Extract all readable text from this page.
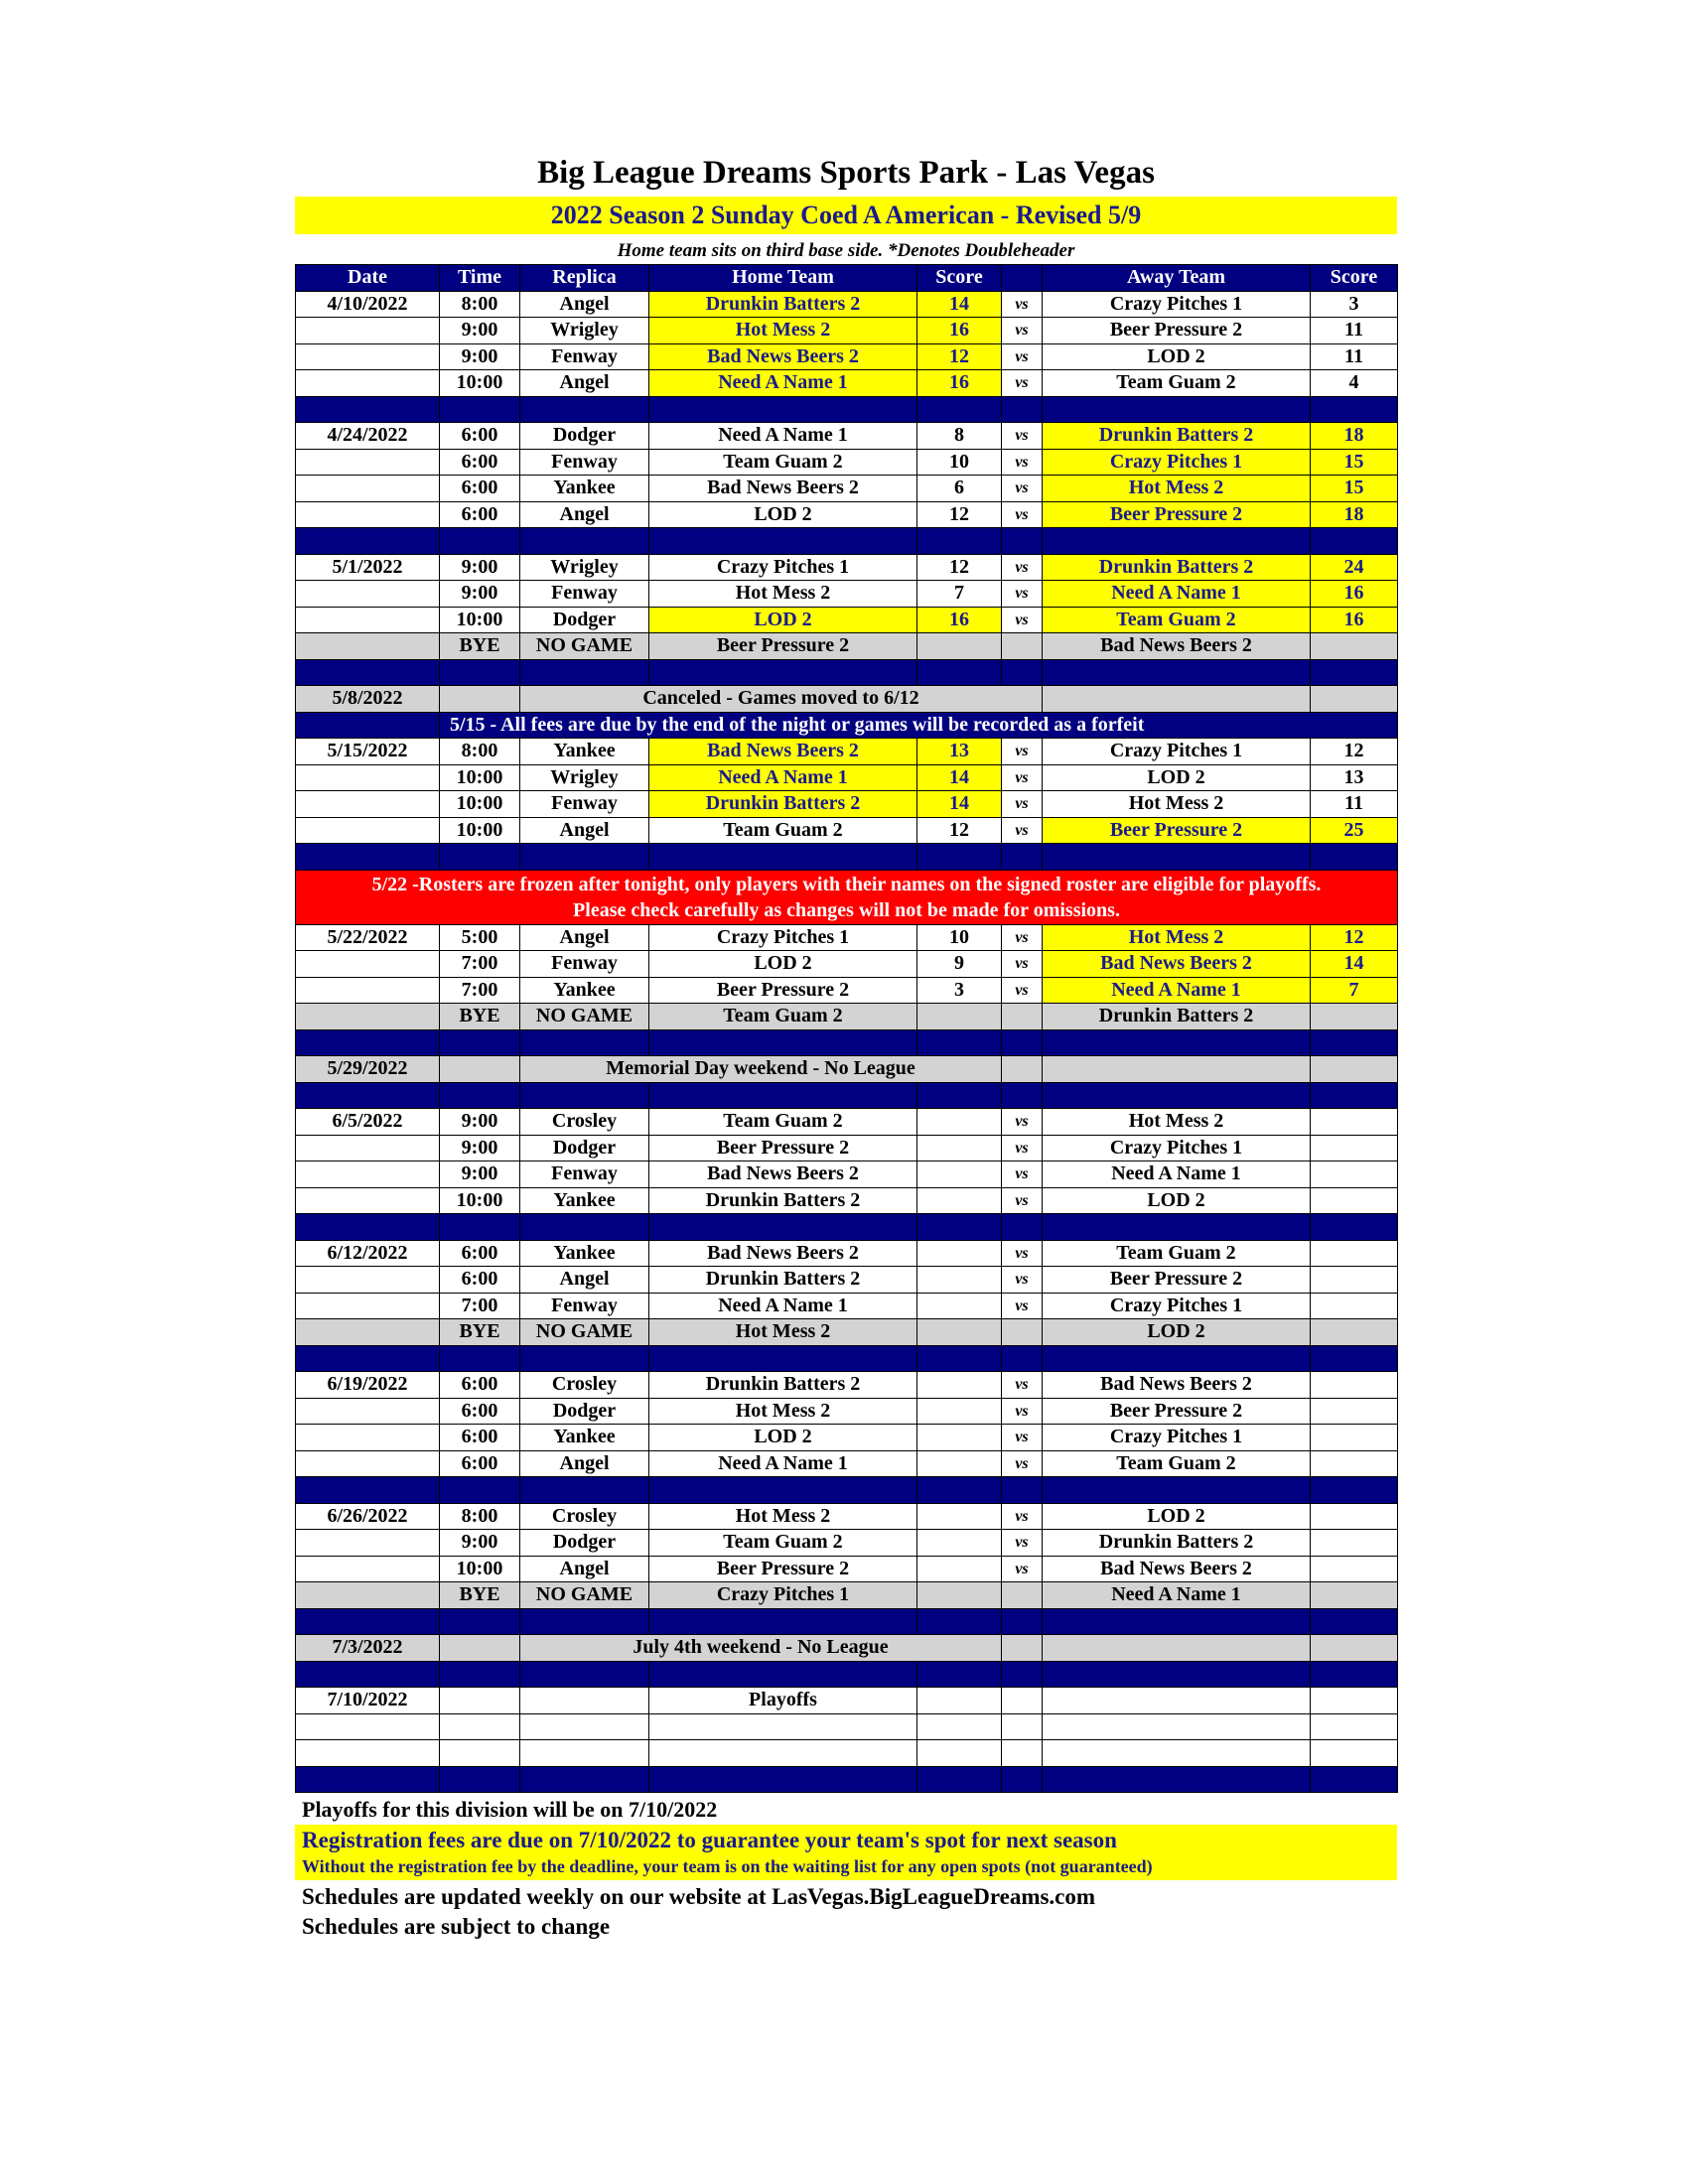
Big League Dreams Sports Park - Las Vegas
2022 Season 2 Sunday Coed A American - Revised 5/9
Home team sits on third base side. *Denotes Doubleheader
Date	Time	Replica	Home Team	Score		Away Team	Score	
4/10/2022	8:00	Angel	Drunkin Batters 2	14	vs	Crazy Pitches 1	3	
	9:00	Wrigley	Hot Mess 2	16	vs	Beer Pressure 2	11	
	9:00	Fenway	Bad News Beers 2	12	vs	LOD 2	11	
	10:00	Angel	Need A Name 1	16	vs	Team Guam 2	4	

4/24/2022	6:00	Dodger	Need A Name 1	8	vs	Drunkin Batters 2	18	
	6:00	Fenway	Team Guam 2	10	vs	Crazy Pitches 1	15	
	6:00	Yankee	Bad News Beers 2	6	vs	Hot Mess 2	15	
	6:00	Angel	LOD 2	12	vs	Beer Pressure 2	18	

5/1/2022	9:00	Wrigley	Crazy Pitches 1	12	vs	Drunkin Batters 2	24	
	9:00	Fenway	Hot Mess 2	7	vs	Need A Name 1	16	
	10:00	Dodger	LOD 2	16	vs	Team Guam 2	16	
	BYE	NO GAME	Beer Pressure 2			Bad News Beers 2		

5/8/2022		Canceled - Games moved to 6/12						
	5/15 - All fees are due by the end of the night or games will be recorded as a forfeit							
5/15/2022	8:00	Yankee	Bad News Beers 2	13	vs	Crazy Pitches 1	12	
	10:00	Wrigley	Need A Name 1	14	vs	LOD 2	13	
	10:00	Fenway	Drunkin Batters 2	14	vs	Hot Mess 2	11	
	10:00	Angel	Team Guam 2	12	vs	Beer Pressure 2	25	

5/22 -Rosters are frozen after tonight, only players with their names on the signed roster are eligible for playoffs.
Please check carefully as changes will not be made for omissions.								

5/22/2022	5:00	Angel	Crazy Pitches 1	10	vs	Hot Mess 2	12	
	7:00	Fenway	LOD 2	9	vs	Bad News Beers 2	14	
	7:00	Yankee	Beer Pressure 2	3	vs	Need A Name 1	7	
	BYE	NO GAME	Team Guam 2			Drunkin Batters 2		

5/29/2022		Memorial Day weekend - No League						

6/5/2022	9:00	Crosley	Team Guam 2		vs	Hot Mess 2		
	9:00	Dodger	Beer Pressure 2		vs	Crazy Pitches 1		
	9:00	Fenway	Bad News Beers 2		vs	Need A Name 1		
	10:00	Yankee	Drunkin Batters 2		vs	LOD 2		

6/12/2022	6:00	Yankee	Bad News Beers 2		vs	Team Guam 2		
	6:00	Angel	Drunkin Batters 2		vs	Beer Pressure 2		
	7:00	Fenway	Need A Name 1		vs	Crazy Pitches 1		
	BYE	NO GAME	Hot Mess 2			LOD 2		

6/19/2022	6:00	Crosley	Drunkin Batters 2		vs	Bad News Beers 2		
	6:00	Dodger	Hot Mess 2		vs	Beer Pressure 2		
	6:00	Yankee	LOD 2		vs	Crazy Pitches 1		
	6:00	Angel	Need A Name 1		vs	Team Guam 2		

6/26/2022	8:00	Crosley	Hot Mess 2		vs	LOD 2		
	9:00	Dodger	Team Guam 2		vs	Drunkin Batters 2		
	10:00	Angel	Beer Pressure 2		vs	Bad News Beers 2		
	BYE	NO GAME	Crazy Pitches 1			Need A Name 1		

7/3/2022		July 4th weekend - No League						

7/10/2022			Playoffs					

Playoffs for this division will be on 7/10/2022
Registration fees are due on 7/10/2022 to guarantee your team's spot for next season
Without the registration fee by the deadline, your team is on the waiting list for any open spots (not guaranteed)
Schedules are updated weekly on our website at LasVegas.BigLeagueDreams.com
Schedules are subject to change
